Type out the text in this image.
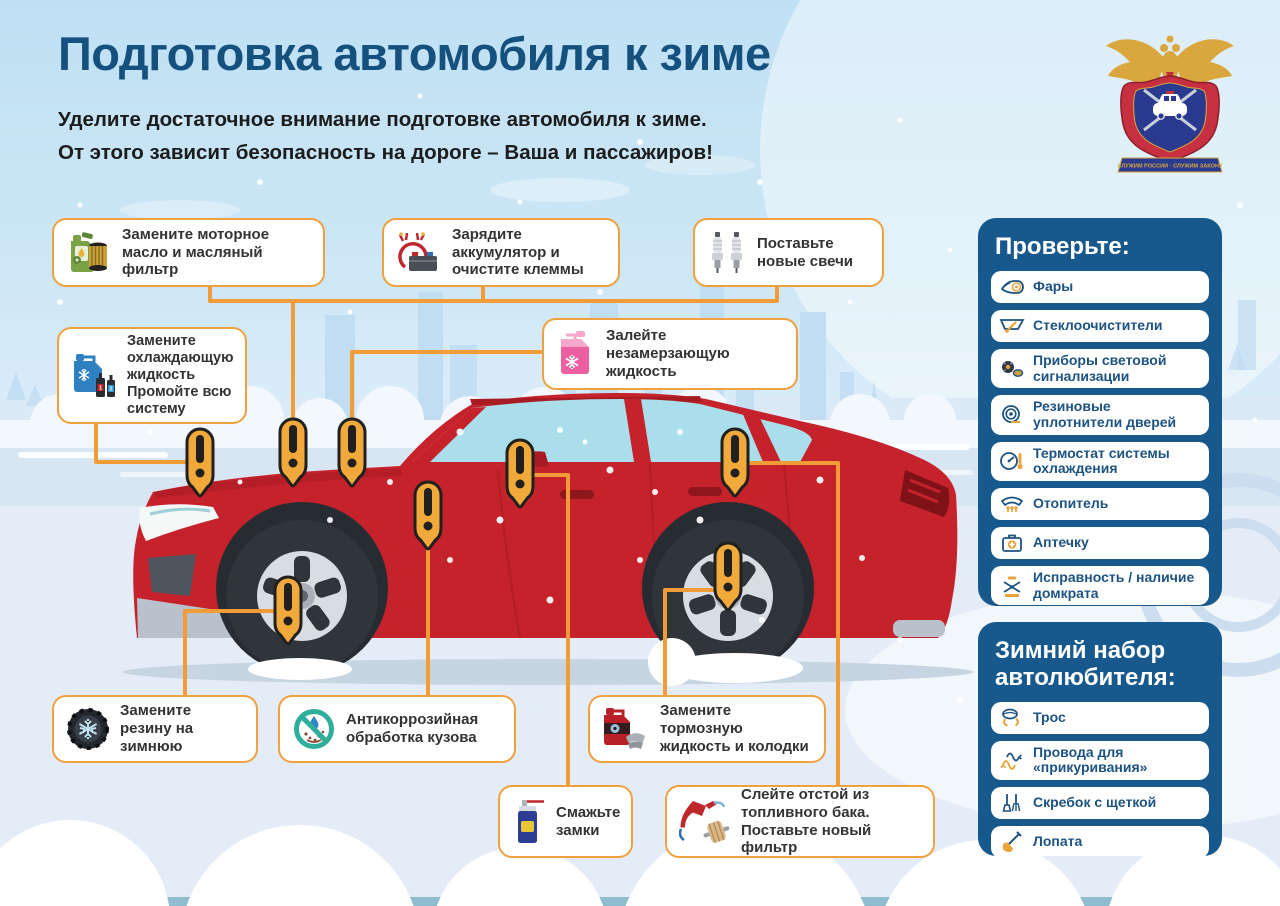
СЛУЖИМ РОССИИ · СЛУЖИМ ЗАКОНУ
Подготовка автомобиля к зиме
Уделите достаточное внимание подготовке автомобиля к зиме.
От этого зависит безопасность на дороге – Ваша и пассажиров!
Замените моторное масло и масляный фильтр
Зарядите аккумулятор и очистите клеммы
Поставьте новые свечи
1 2
Замените охлаждающую жидкость Промойте всю систему
Залейте незамерзающую жидкость
Замените резину на зимнюю
Антикоррозийная обработка кузова
Замените тормозную жидкость и колодки
Смажьте замки
Слейте отстой из топливного бака. Поставьте новый фильтр
Проверьте:
Фары
Стеклоочистители
Приборы световой сигнализации
Резиновые уплотнители дверей
Термостат системы охлаждения
Отопитель
Аптечку
Исправность / наличие домкрата
Зимний набор автолюбителя:
Трос
Провода для «прикуривания»
Скребок с щеткой
Лопата
